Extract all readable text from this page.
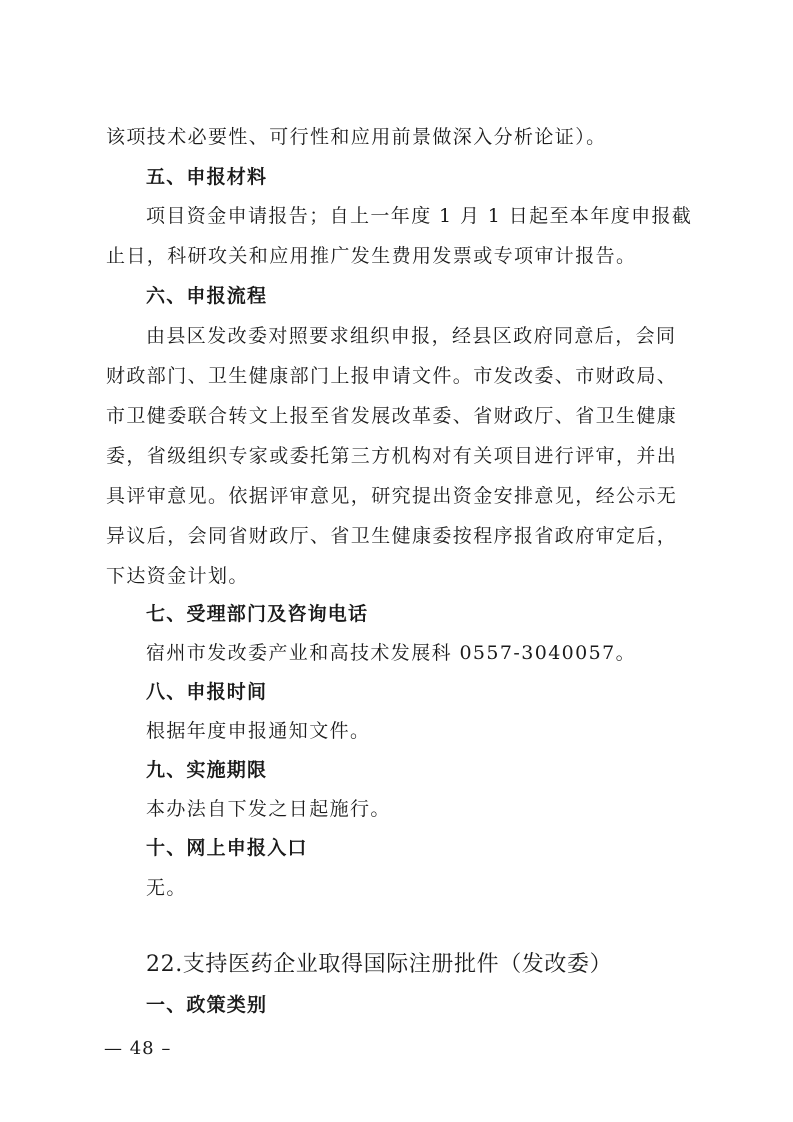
该项技术必要性、可行性和应用前景做深入分析论证）。
五、申报材料
项目资金申请报告；自上一年度 1 月 1 日起至本年度申报截
止日，科研攻关和应用推广发生费用发票或专项审计报告。
六、申报流程
由县区发改委对照要求组织申报，经县区政府同意后，会同
财政部门、卫生健康部门上报申请文件。市发改委、市财政局、
市卫健委联合转文上报至省发展改革委、省财政厅、省卫生健康
委，省级组织专家或委托第三方机构对有关项目进行评审，并出
具评审意见。依据评审意见，研究提出资金安排意见，经公示无
异议后，会同省财政厅、省卫生健康委按程序报省政府审定后，
下达资金计划。
七、受理部门及咨询电话
宿州市发改委产业和高技术发展科 0557-3040057。
八、申报时间
根据年度申报通知文件。
九、实施期限
本办法自下发之日起施行。
十、网上申报入口
无。
22.支持医药企业取得国际注册批件（发改委）
一、政策类别
— 48 –
